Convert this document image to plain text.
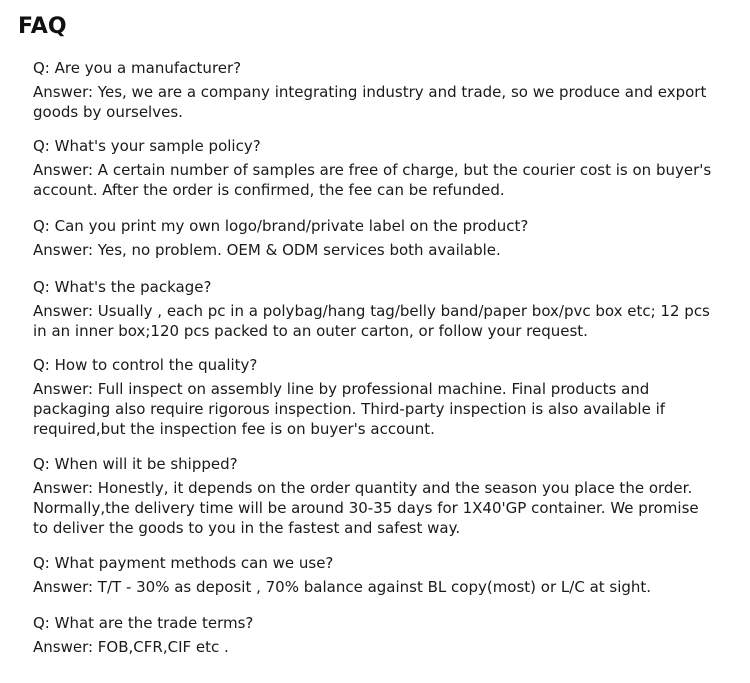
FAQ

Q: Are you a manufacturer?

Answer: Yes, we are a company integrating industry and trade, so we produce and export goods by ourselves.

Q: What's your sample policy?

Answer: A certain number of samples are free of charge, but the courier cost is on buyer's account. After the order is confirmed, the fee can be refunded.

Q: Can you print my own logo/brand/private label on the product?

Answer: Yes, no problem. OEM & ODM services both available.

Q: What's the package?

Answer: Usually , each pc in a polybag/hang tag/belly band/paper box/pvc box etc; 12 pcs in an inner box;120 pcs packed to an outer carton, or follow your request.

Q: How to control the quality?

Answer: Full inspect on assembly line by professional machine. Final products and packaging also require rigorous inspection. Third-party inspection is also available if required,but the inspection fee is on buyer's account.

Q: When will it be shipped?

Answer: Honestly, it depends on the order quantity and the season you place the order. Normally,the delivery time will be around 30-35 days for 1X40'GP container. We promise to deliver the goods to you in the fastest and safest way.

Q: What payment methods can we use?

Answer: T/T - 30% as deposit , 70% balance against BL copy(most) or L/C at sight.

Q: What are the trade terms?

Answer: FOB,CFR,CIF etc .
